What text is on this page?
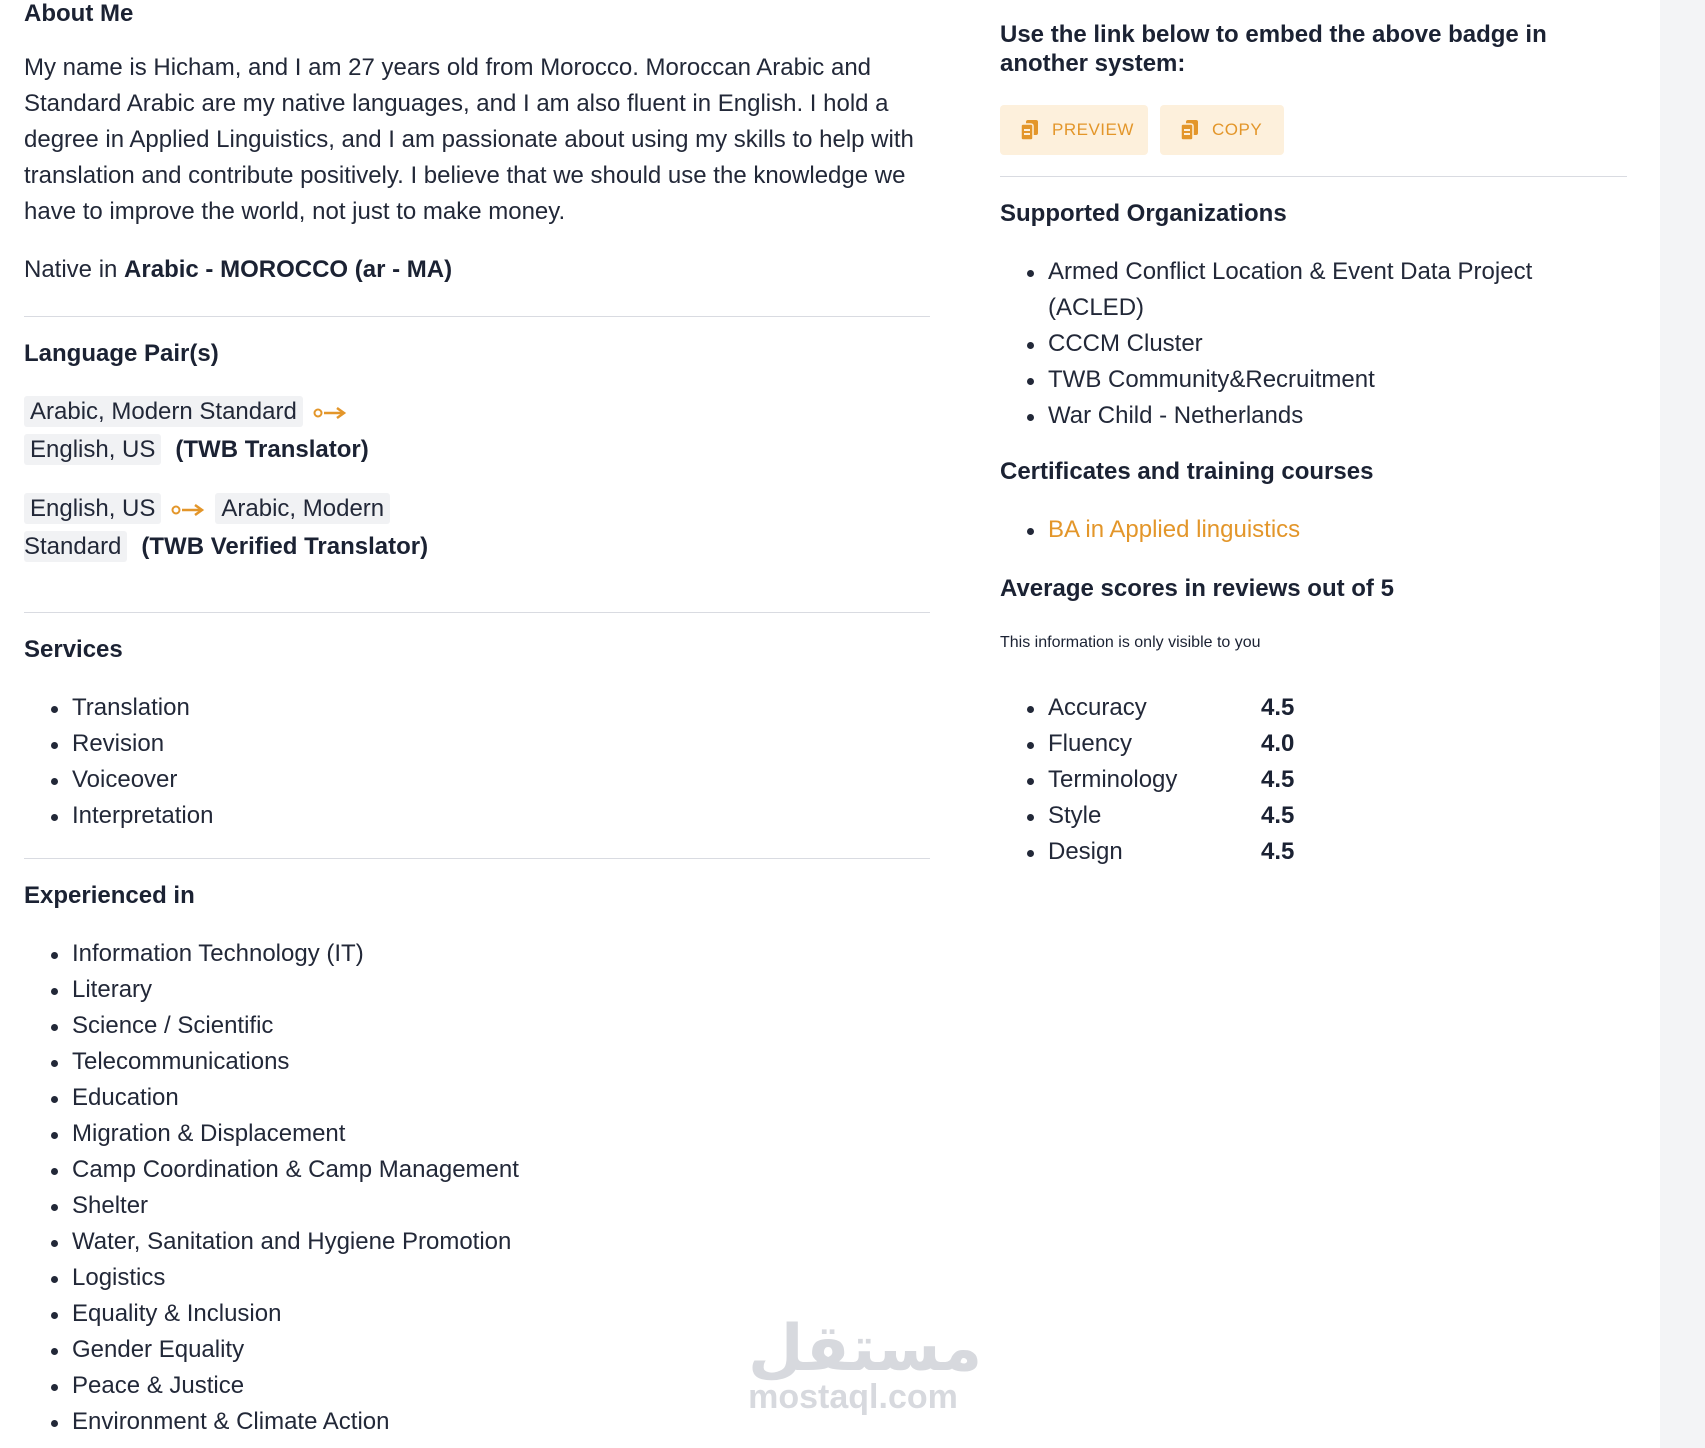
About Me

My name is Hicham, and I am 27 years old from Morocco. Moroccan Arabic and Standard Arabic are my native languages, and I am also fluent in English. I hold a degree in Applied Linguistics, and I am passionate about using my skills to help with translation and contribute positively. I believe that we should use the knowledge we have to improve the world, not just to make money.

Native in Arabic - MOROCCO (ar - MA)
Language Pair(s)
Arabic, Modern Standard
English, US (TWB Translator)
English, US	Arabic, Modern
Standard (TWB Verified Translator)
Services
Translation
Revision
Voiceover
Interpretation
Experienced in
Information Technology (IT)
Literary
Science / Scientific
Telecommunications
Education
Migration & Displacement
Camp Coordination & Camp Management
Shelter
Water, Sanitation and Hygiene Promotion
Logistics
Equality & Inclusion
Gender Equality
Peace & Justice
Environment & Climate Action
Use the link below to embed the above badge in another system:
PREVIEW	COPY
Supported Organizations
Armed Conflict Location & Event Data Project (ACLED)
CCCM Cluster
TWB Community&Recruitment
War Child - Netherlands
Certificates and training courses
BA in Applied linguistics
Average scores in reviews out of 5
This information is only visible to you
Accuracy	4.5
Fluency	4.0
Terminology	4.5
Style	4.5
Design	4.5
مستقل
mostaql.com
